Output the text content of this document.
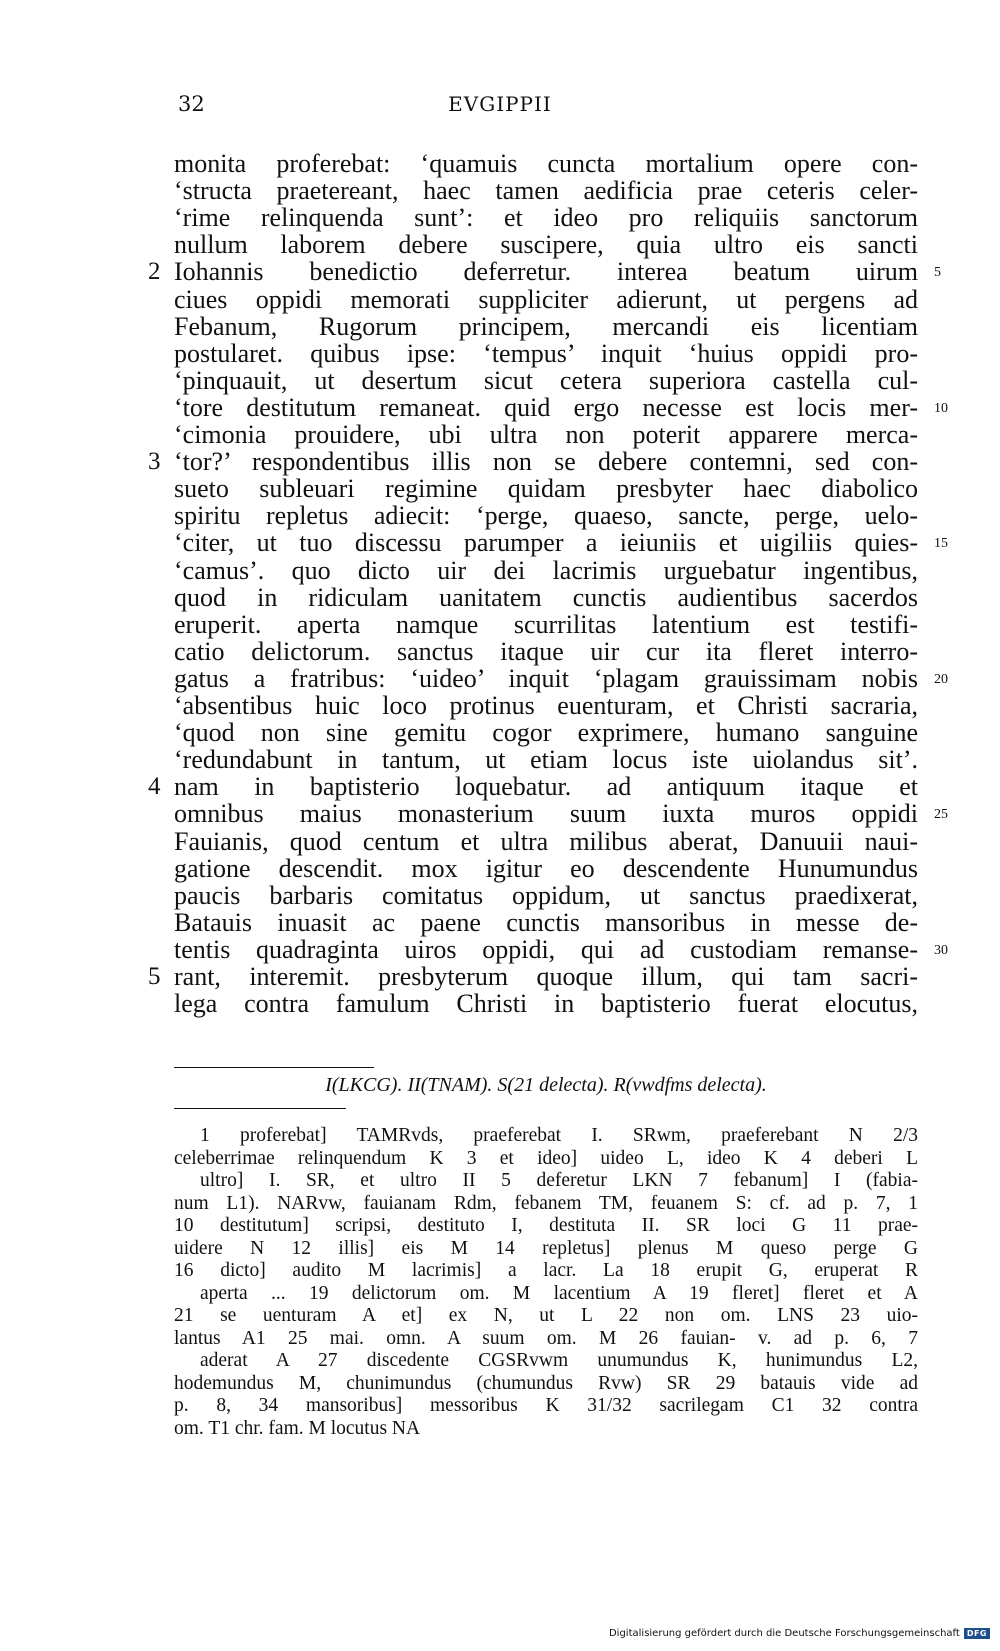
32	EVGIPPII
monita proferebat: ‘quamuis cuncta mortalium opere con-
‘structa praetereant, haec tamen aedificia prae ceteris celer-
‘rime relinquenda sunt’: et ideo pro reliquiis sanctorum
nullum laborem debere suscipere, quia ultro eis sancti
2 Iohannis benedictio deferretur. interea beatum uirum 5
ciues oppidi memorati suppliciter adierunt, ut pergens ad
Febanum, Rugorum principem, mercandi eis licentiam
postularet. quibus ipse: ‘tempus’ inquit ‘huius oppidi pro-
‘pinquauit, ut desertum sicut cetera superiora castella cul-
‘tore destitutum remaneat. quid ergo necesse est locis mer- 10
‘cimonia prouidere, ubi ultra non poterit apparere merca-
3 ‘tor?’ respondentibus illis non se debere contemni, sed con-
sueto subleuari regimine quidam presbyter haec diabolico
spiritu repletus adiecit: ‘perge, quaeso, sancte, perge, uelo-
‘citer, ut tuo discessu parumper a ieiuniis et uigiliis quies- 15
‘camus’. quo dicto uir dei lacrimis urguebatur ingentibus,
quod in ridiculam uanitatem cunctis audientibus sacerdos
eruperit. aperta namque scurrilitas latentium est testifi-
catio delictorum. sanctus itaque uir cur ita fleret interro-
gatus a fratribus: ‘uideo’ inquit ‘plagam grauissimam nobis 20
‘absentibus huic loco protinus euenturam, et Christi sacraria,
‘quod non sine gemitu cogor exprimere, humano sanguine
‘redundabunt in tantum, ut etiam locus iste uiolandus sit’.
4 nam in baptisterio loquebatur. ad antiquum itaque et
omnibus maius monasterium suum iuxta muros oppidi 25
Fauianis, quod centum et ultra milibus aberat, Danuuii naui-
gatione descendit. mox igitur eo descendente Hunumundus
paucis barbaris comitatus oppidum, ut sanctus praedixerat,
Batauis inuasit ac paene cunctis mansoribus in messe de-
tentis quadraginta uiros oppidi, qui ad custodiam remanse- 30
5 rant, interemit. presbyterum quoque illum, qui tam sacri-
lega contra famulum Christi in baptisterio fuerat elocutus,
I(LKCG). II(TNAM). S(21 delecta). R(vwdfms delecta).
1 proferebat] TAMRvds, praeferebat I. SRwm, praeferebant N 2/3
celeberrimae relinquendum K 3 et ideo] uideo L, ideo K 4 deberi L
ultro] I. SR, et ultro II 5 deferetur LKN 7 febanum] I (fabia-
num L1). NARvw, fauianam Rdm, febanem TM, feuanem S: cf. ad p. 7, 1
10 destitutum] scripsi, destituto I, destituta II. SR loci G 11 prae-
uidere N 12 illis] eis M 14 repletus] plenus M queso perge G
16 dicto] audito M lacrimis] a lacr. La 18 erupit G, eruperat R
aperta ... 19 delictorum om. M lacentium A 19 fleret] fleret et A
21 se uenturam A et] ex N, ut L 22 non om. LNS 23 uio-
lantus A1 25 mai. omn. A suum om. M 26 fauian- v. ad p. 6, 7
aderat A 27 discedente CGSRvwm unumundus K, hunimundus L2,
hodemundus M, chunimundus (chumundus Rvw) SR 29 batauis vide ad
p. 8, 34 mansoribus] messoribus K 31/32 sacrilegam C1 32 contra
om. T1 chr. fam. M locutus NA
Digitalisierung gefördert durch die Deutsche Forschungsgemeinschaft DFG
